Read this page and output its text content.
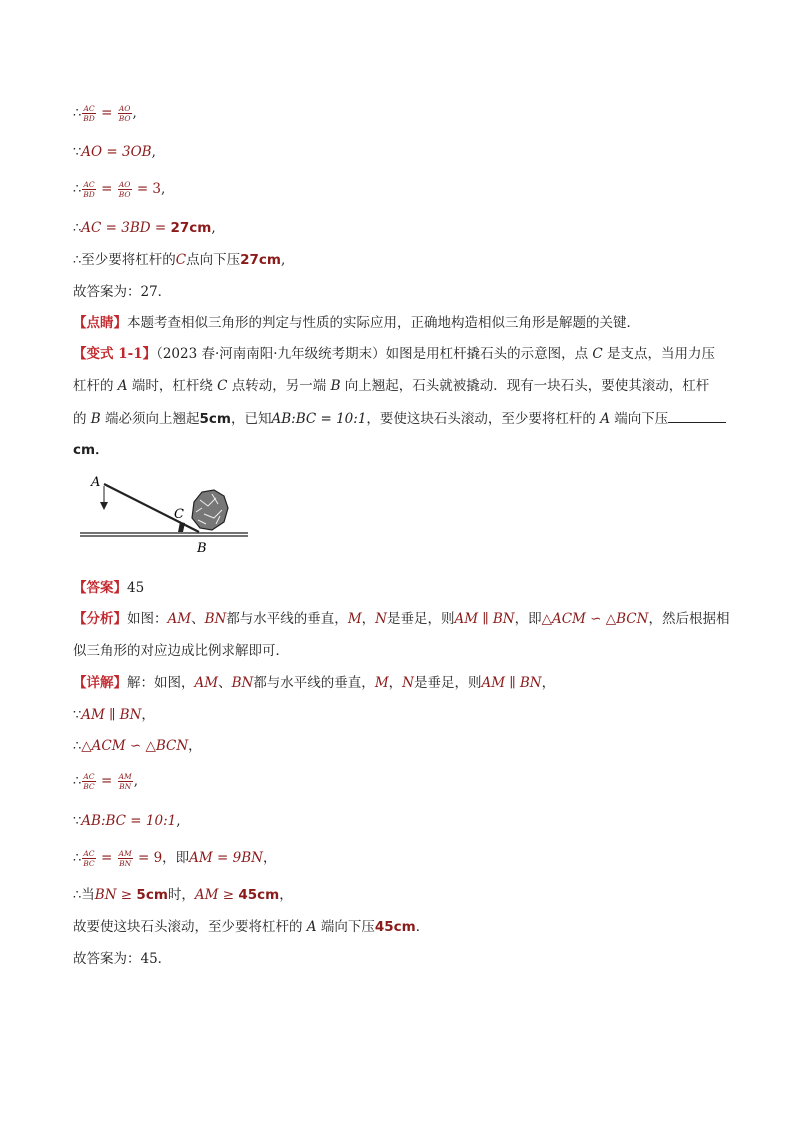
∴ $\frac{AC}{BD} = \frac{AO}{BO}$ ,
∵AO = 3OB,
∴ $\frac{AC}{BD} = \frac{AO}{BO} = 3$,
∴AC = 3BD = 27cm,
∴至少要将杠杆的C点向下压27cm,
故答案为：27．
【点睛】本题考查相似三角形的判定与性质的实际应用，正确地构造相似三角形是解题的关键．
【变式 1-1】（2023 春·河南南阳·九年级统考期末）如图是用杠杆撬石头的示意图，点 C 是支点，当用力压
杠杆的 A 端时，杠杆绕 C 点转动，另一端 B 向上翘起，石头就被撬动．现有一块石头，要使其滚动，杠杆
的 B 端必须向上翘起5cm，已知AB:BC = 10:1，要使这块石头滚动，至少要将杠杆的 A 端向下压
cm．
A
C
B
【答案】45
【分析】如图：AM、BN都与水平线的垂直，M，N是垂足，则AM ∥ BN，即△ACM ∽ △BCN，然后根据相
似三角形的对应边成比例求解即可．
【详解】解：如图，AM、BN都与水平线的垂直，M，N是垂足，则AM ∥ BN，
∵AM ∥ BN，
∴△ACM ∽ △BCN，
∴ $\frac{AC}{BC} = \frac{AM}{BN}$ ,
∵AB:BC = 10:1,
∴ $\frac{AC}{BC} = \frac{AM}{BN} = 9$，即AM = 9BN，
∴当BN ≥ 5cm时，AM ≥ 45cm，
故要使这块石头滚动，至少要将杠杆的 A 端向下压45cm．
故答案为：45．
